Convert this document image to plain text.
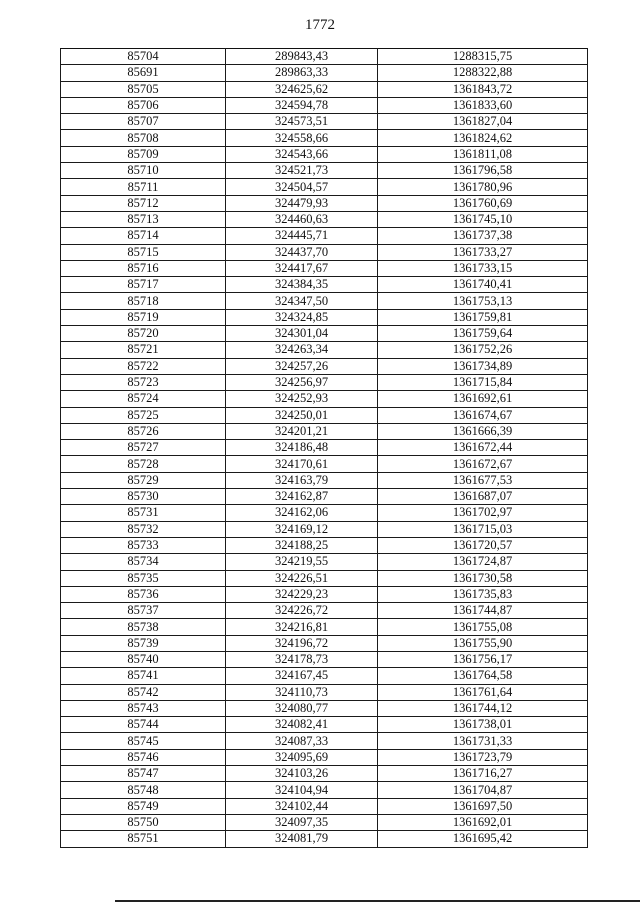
1772
85704	289843,43	1288315,75
85691	289863,33	1288322,88
85705	324625,62	1361843,72
85706	324594,78	1361833,60
85707	324573,51	1361827,04
85708	324558,66	1361824,62
85709	324543,66	1361811,08
85710	324521,73	1361796,58
85711	324504,57	1361780,96
85712	324479,93	1361760,69
85713	324460,63	1361745,10
85714	324445,71	1361737,38
85715	324437,70	1361733,27
85716	324417,67	1361733,15
85717	324384,35	1361740,41
85718	324347,50	1361753,13
85719	324324,85	1361759,81
85720	324301,04	1361759,64
85721	324263,34	1361752,26
85722	324257,26	1361734,89
85723	324256,97	1361715,84
85724	324252,93	1361692,61
85725	324250,01	1361674,67
85726	324201,21	1361666,39
85727	324186,48	1361672,44
85728	324170,61	1361672,67
85729	324163,79	1361677,53
85730	324162,87	1361687,07
85731	324162,06	1361702,97
85732	324169,12	1361715,03
85733	324188,25	1361720,57
85734	324219,55	1361724,87
85735	324226,51	1361730,58
85736	324229,23	1361735,83
85737	324226,72	1361744,87
85738	324216,81	1361755,08
85739	324196,72	1361755,90
85740	324178,73	1361756,17
85741	324167,45	1361764,58
85742	324110,73	1361761,64
85743	324080,77	1361744,12
85744	324082,41	1361738,01
85745	324087,33	1361731,33
85746	324095,69	1361723,79
85747	324103,26	1361716,27
85748	324104,94	1361704,87
85749	324102,44	1361697,50
85750	324097,35	1361692,01
85751	324081,79	1361695,42
